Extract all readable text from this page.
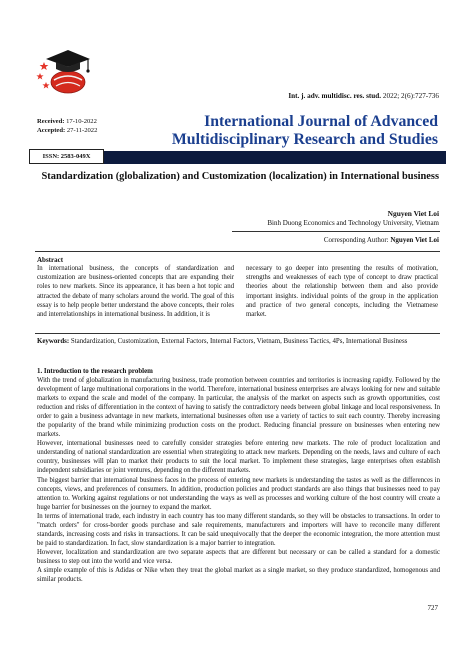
Int. j. adv. multidisc. res. stud. 2022; 2(6):727-736
Received: 17-10-2022
Accepted: 27-11-2022
International Journal of Advanced Multidisciplinary Research and Studies
ISSN: 2583-049X
Standardization (globalization) and Customization (localization) in International business
Nguyen Viet Loi
Binh Duong Economics and Technology University, Vietnam
Corresponding Author: Nguyen Viet Loi
Abstract
In international business, the concepts of standardization and customization are business-oriented concepts that are expanding their roles to new markets. Since its appearance, it has been a hot topic and attracted the debate of many scholars around the world. The goal of this essay is to help people better understand the above concepts, their roles and interrelationships in international business. In addition, it is
necessary to go deeper into presenting the results of motivation, strengths and weaknesses of each type of concept to draw practical theories about the relationship between them and also provide important insights. individual points of the group in the application and practice of two general concepts, including the Vietnamese market.
Keywords: Standardization, Customization, External Factors, Internal Factors, Vietnam, Business Tactics, 4Ps, International Business
1. Introduction to the research problem

With the trend of globalization in manufacturing business, trade promotion between countries and territories is increasing rapidly. Followed by the development of large multinational corporations in the world. Therefore, international business enterprises are always looking for new and suitable markets to expand the scale and model of the company. In particular, the analysis of the market on aspects such as growth opportunities, cost reduction and risks of differentiation in the context of having to satisfy the contradictory needs between global linkage and local responsiveness. In order to gain a business advantage in new markets, international businesses often use a variety of tactics to suit each country. Thereby increasing the popularity of the brand while minimizing production costs on the product. Reducing financial pressure on businesses when entering new markets.

However, international businesses need to carefully consider strategies before entering new markets. The role of product localization and understanding of national standardization are essential when strategizing to attack new markets. Depending on the needs, laws and culture of each country, businesses will plan to market their products to suit the local market. To implement these strategies, large enterprises often establish independent subsidiaries or joint ventures, depending on the different markets.

The biggest barrier that international business faces in the process of entering new markets is understanding the tastes as well as the differences in concepts, views, and preferences of consumers. In addition, production policies and product standards are also things that businesses need to pay attention to. Working against regulations or not understanding the ways as well as processes and working culture of the host country will create a huge barrier for businesses on the journey to expand the market.

In terms of international trade, each industry in each country has too many different standards, so they will be obstacles to transactions. In order to "match orders" for cross-border goods purchase and sale requirements, manufacturers and importers will have to reconcile many different standards, increasing costs and risks in transactions. It can be said unequivocally that the deeper the economic integration, the more attention must be paid to standardization. In fact, slow standardization is a major barrier to integration.

However, localization and standardization are two separate aspects that are different but necessary or can be called a standard for a domestic business to step out into the world and vice versa.

A simple example of this is Adidas or Nike when they treat the global market as a single market, so they produce standardized, homogenous and similar products.

727
